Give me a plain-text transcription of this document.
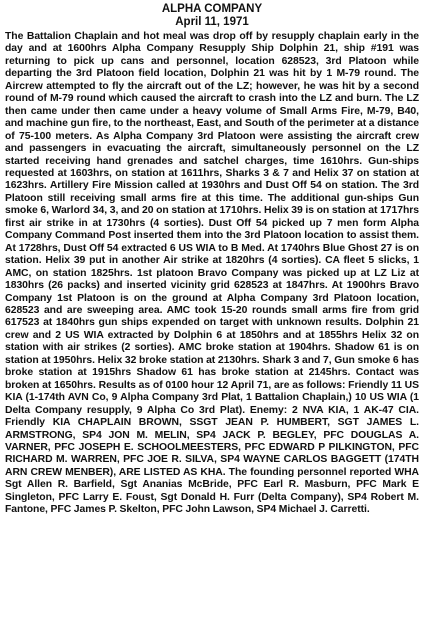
ALPHA COMPANY
April 11, 1971
The Battalion Chaplain and hot meal was drop off by resupply chaplain early in the day and at 1600hrs Alpha Company Resupply Ship Dolphin 21, ship #191 was returning to pick up cans and personnel, location 628523, 3rd Platoon while departing the 3rd Platoon field location, Dolphin 21 was hit by 1 M-79 round. The Aircrew attempted to fly the aircraft out of the LZ; however, he was hit by a second round of M-79 round which caused the aircraft to crash into the LZ and burn. The LZ then came under then came under a heavy volume of Small Arms Fire, M-79, B40, and machine gun fire, to the northeast, East, and South of the perimeter at a distance of 75-100 meters. As Alpha Company 3rd Platoon were assisting the aircraft crew and passengers in evacuating the aircraft, simultaneously personnel on the LZ started receiving hand grenades and satchel charges, time 1610hrs. Gun-ships requested at 1603hrs, on station at 1611hrs, Sharks 3 & 7 and Helix 37 on station at 1623hrs. Artillery Fire Mission called at 1930hrs and Dust Off 54 on station. The 3rd Platoon still receiving small arms fire at this time. The additional gun-ships Gun smoke 6, Warlord 34, 3, and 20 on station at 1710hrs. Helix 39 is on station at 1717hrs first air strike in at 1730hrs (4 sorties). Dust Off 54 picked up 7 men form Alpha Company Command Post inserted them into the 3rd Platoon location to assist them. At 1728hrs, Dust Off 54 extracted 6 US WIA to B Med. At 1740hrs Blue Ghost 27 is on station. Helix 39 put in another Air strike at 1820hrs (4 sorties). CA fleet 5 slicks, 1 AMC, on station 1825hrs. 1st platoon Bravo Company was picked up at LZ Liz at 1830hrs (26 packs) and inserted vicinity grid 628523 at 1847hrs. At 1900hrs Bravo Company 1st Platoon is on the ground at Alpha Company 3rd Platoon location, 628523 and are sweeping area. AMC took 15-20 rounds small arms fire from grid 617523 at 1840hrs gun ships expended on target with unknown results. Dolphin 21 crew and 2 US WIA extracted by Dolphin 6 at 1850hrs and at 1855hrs Helix 32 on station with air strikes (2 sorties). AMC broke station at 1904hrs. Shadow 61 is on station at 1950hrs. Helix 32 broke station at 2130hrs. Shark 3 and 7, Gun smoke 6 has broke station at 1915hrs Shadow 61 has broke station at 2145hrs. Contact was broken at 1650hrs. Results as of 0100 hour 12 April 71, are as follows: Friendly 11 US KIA (1-174th AVN Co, 9 Alpha Company 3rd Plat, 1 Battalion Chaplain,) 10 US WIA (1 Delta Company resupply, 9 Alpha Co 3rd Plat). Enemy: 2 NVA KIA, 1 AK-47 CIA. Friendly KIA CHAPLAIN BROWN, SSGT JEAN P. HUMBERT, SGT JAMES L. ARMSTRONG, SP4 JON M. MELIN, SP4 JACK P. BEGLEY, PFC DOUGLAS A. VARNER, PFC JOSEPH E. SCHOOLMEESTERS, PFC EDWARD P PILKINGTON, PFC RICHARD M. WARREN, PFC JOE R. SILVA, SP4 WAYNE CARLOS BAGGETT (174TH ARN CREW MENBER), ARE LISTED AS KHA. The founding personnel reported WHA Sgt Allen R. Barfield, Sgt Ananias McBride, PFC Earl R. Masburn, PFC Mark E Singleton, PFC Larry E. Foust, Sgt Donald H. Furr (Delta Company), SP4 Robert M. Fantone, PFC James P. Skelton, PFC John Lawson, SP4 Michael J. Carretti.
